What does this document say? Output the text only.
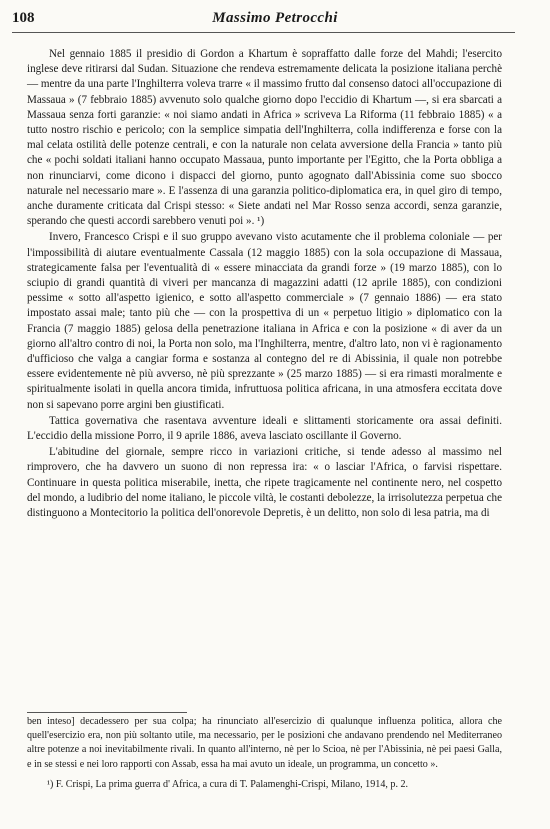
108	Massimo Petrocchi

Nel gennaio 1885 il presidio di Gordon a Khartum è sopraffatto dalle forze del Mahdi; l'esercito inglese deve ritirarsi dal Sudan. Situazione che rendeva estremamente delicata la posizione italiana perchè — mentre da una parte l'Inghilterra voleva trarre « il massimo frutto dal consenso datoci all'occupazione di Massaua » (7 febbraio 1885) avvenuto solo qualche giorno dopo l'eccidio di Khartum —, si era sbarcati a Massaua senza forti garanzie: « noi siamo andati in Africa » scriveva La Riforma (11 febbraio 1885) « a tutto nostro rischio e pericolo; con la semplice simpatia dell'Inghilterra, colla indifferenza e forse con la mal celata ostilità delle potenze centrali, e con la naturale non celata avversione della Francia » tanto più che « pochi soldati italiani hanno occupato Massaua, punto importante per l'Egitto, che la Porta obbliga a non rinunciarvi, come dicono i dispacci del giorno, punto agognato dall'Abissinia come suo sbocco naturale nel necessario mare ». E l'assenza di una garanzia politico-diplomatica era, in quel giro di tempo, anche duramente criticata dal Crispi stesso: « Siete andati nel Mar Rosso senza accordi, senza garanzie, sperando che questi accordi sarebbero venuti poi ». ¹)

Invero, Francesco Crispi e il suo gruppo avevano visto acutamente che il problema coloniale — per l'impossibilità di aiutare eventualmente Cassala (12 maggio 1885) con la sola occupazione di Massaua, strategicamente falsa per l'eventualità di « essere minacciata da grandi forze » (19 marzo 1885), con lo sciupio di grandi quantità di viveri per mancanza di magazzini adatti (12 aprile 1885), con condizioni pessime « sotto all'aspetto igienico, e sotto all'aspetto commerciale » (7 gennaio 1886) — era stato impostato assai male; tanto più che — con la prospettiva di un « perpetuo litigio » diplomatico con la Francia (7 maggio 1885) gelosa della penetrazione italiana in Africa e con la posizione « di aver da un giorno all'altro contro di noi, la Porta non solo, ma l'Inghilterra, mentre, d'altro lato, non vi è ragionamento d'ufficioso che valga a cangiar forma e sostanza al contegno del re di Abissinia, il quale non potrebbe essere evidentemente nè più avverso, nè più sprezzante » (25 marzo 1885) — si era rimasti moralmente e spiritualmente isolati in quella ancora timida, infruttuosa politica africana, in una atmosfera eccitata dove non si sapevano porre argini ben giustificati.

Tattica governativa che rasentava avventure ideali e slittamenti storicamente ora assai definiti. L'eccidio della missione Porro, il 9 aprile 1886, aveva lasciato oscillante il Governo.

L'abitudine del giornale, sempre ricco in variazioni critiche, si tende adesso al massimo nel rimprovero, che ha davvero un suono di non repressa ira: « o lasciar l'Africa, o farvisi rispettare. Continuare in questa politica miserabile, inetta, che ripete tragicamente nel continente nero, nel cospetto del mondo, a ludibrio del nome italiano, le piccole viltà, le costanti debolezze, la irrisolutezza perpetua che distinguono a Montecitorio la politica dell'onorevole Depretis, è un delitto, non solo di lesa patria, ma di

ben inteso] decadessero per sua colpa; ha rinunciato all'esercizio di qualunque influenza politica, allora che quell'esercizio era, non più soltanto utile, ma necessario, per le posizioni che andavano prendendo nel Mediterraneo altre potenze a noi inevitabilmente rivali. In quanto all'interno, nè per lo Scioa, nè per l'Abissinia, nè pei paesi Galla, e in se stessi e nei loro rapporti con Assab, essa ha mai avuto un ideale, un programma, un concetto ».

¹) F. Crispi, La prima guerra d' Africa, a cura di T. Palamenghi-Crispi, Milano, 1914, p. 2.
